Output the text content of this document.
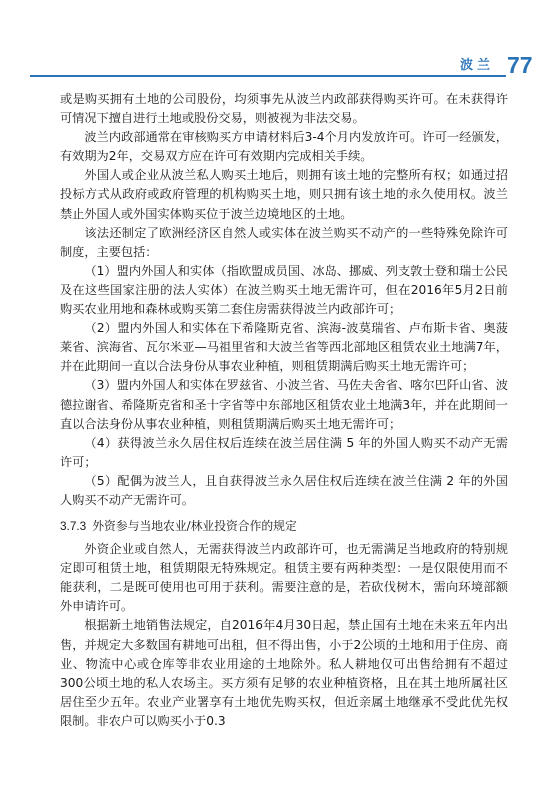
波兰 77

或是购买拥有土地的公司股份，均须事先从波兰内政部获得购买许可。在未获得许可情况下擅自进行土地或股份交易，则被视为非法交易。

波兰内政部通常在审核购买方申请材料后3-4个月内发放许可。许可一经颁发，有效期为2年，交易双方应在许可有效期内完成相关手续。

外国人或企业从波兰私人购买土地后，则拥有该土地的完整所有权；如通过招投标方式从政府或政府管理的机构购买土地，则只拥有该土地的永久使用权。波兰禁止外国人或外国实体购买位于波兰边境地区的土地。

该法还制定了欧洲经济区自然人或实体在波兰购买不动产的一些特殊免除许可制度，主要包括：

（1）盟内外国人和实体（指欧盟成员国、冰岛、挪威、列支敦士登和瑞士公民及在这些国家注册的法人实体）在波兰购买土地无需许可，但在2016年5月2日前购买农业用地和森林或购买第二套住房需获得波兰内政部许可；

（2）盟内外国人和实体在下希隆斯克省、滨海-波莫瑞省、卢布斯卡省、奥菠莱省、滨海省、瓦尔米亚—马祖里省和大波兰省等西北部地区租赁农业土地满7年，并在此期间一直以合法身份从事农业种植，则租赁期满后购买土地无需许可；

（3）盟内外国人和实体在罗兹省、小波兰省、马佐夫舍省、喀尔巴阡山省、波德拉谢省、希隆斯克省和圣十字省等中东部地区租赁农业土地满3年，并在此期间一直以合法身份从事农业种植，则租赁期满后购买土地无需许可；

（4）获得波兰永久居住权后连续在波兰居住满 5 年的外国人购买不动产无需许可；

（5）配偶为波兰人，且自获得波兰永久居住权后连续在波兰住满 2 年的外国人购买不动产无需许可。

3.7.3 外资参与当地农业/林业投资合作的规定

外资企业或自然人，无需获得波兰内政部许可，也无需满足当地政府的特别规定即可租赁土地，租赁期限无特殊规定。租赁主要有两种类型：一是仅限使用而不能获利，二是既可使用也可用于获利。需要注意的是，若砍伐树木，需向环境部额外申请许可。

根据新土地销售法规定，自2016年4月30日起，禁止国有土地在未来五年内出售，并规定大多数国有耕地可出租，但不得出售，小于2公顷的土地和用于住房、商业、物流中心或仓库等非农业用途的土地除外。私人耕地仅可出售给拥有不超过300公顷土地的私人农场主。买方须有足够的农业种植资格，且在其土地所属社区居住至少五年。农业产业署享有土地优先购买权，但近亲属土地继承不受此优先权限制。非农户可以购买小于0.3
